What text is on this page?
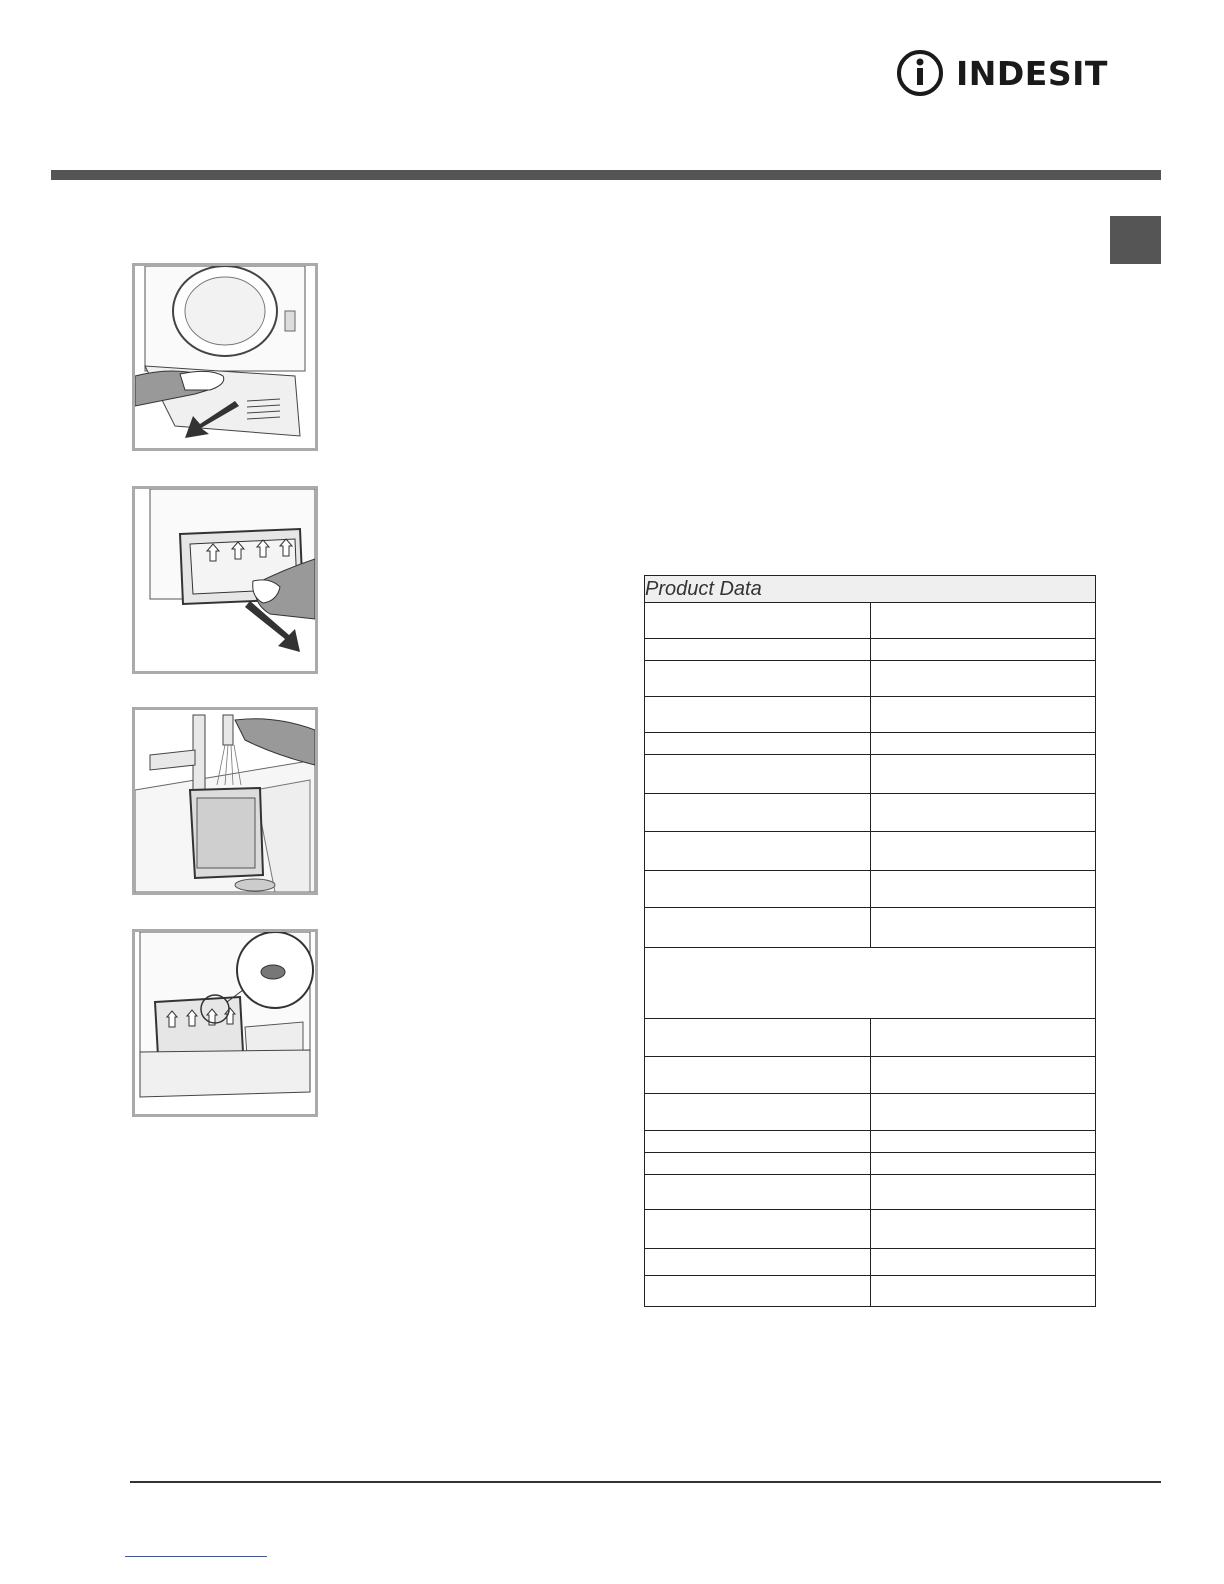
INDESIT
Product Data	
